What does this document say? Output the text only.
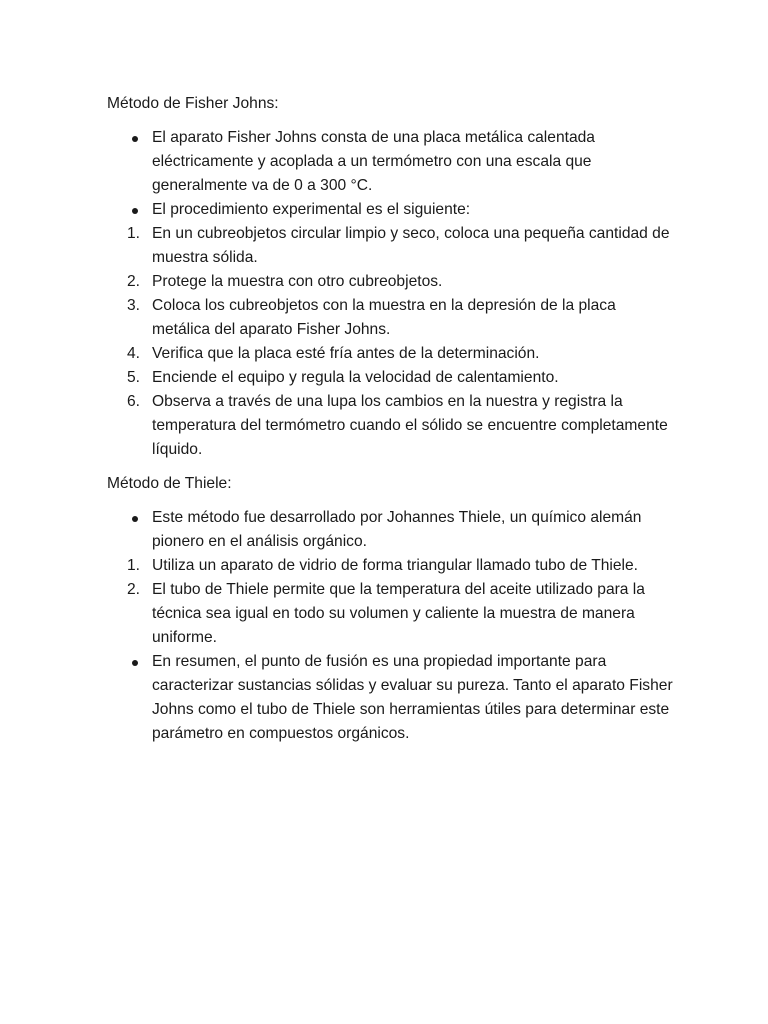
Método de Fisher Johns:

El aparato Fisher Johns consta de una placa metálica calentada eléctricamente y acoplada a un termómetro con una escala que generalmente va de 0 a 300 °C.
El procedimiento experimental es el siguiente:
1. En un cubreobjetos circular limpio y seco, coloca una pequeña cantidad de muestra sólida.
2. Protege la muestra con otro cubreobjetos.
3. Coloca los cubreobjetos con la muestra en la depresión de la placa metálica del aparato Fisher Johns.
4. Verifica que la placa esté fría antes de la determinación.
5. Enciende el equipo y regula la velocidad de calentamiento.
6. Observa a través de una lupa los cambios en la nuestra y registra la temperatura del termómetro cuando el sólido se encuentre completamente líquido.

Método de Thiele:

Este método fue desarrollado por Johannes Thiele, un químico alemán pionero en el análisis orgánico.
1. Utiliza un aparato de vidrio de forma triangular llamado tubo de Thiele.
2. El tubo de Thiele permite que la temperatura del aceite utilizado para la técnica sea igual en todo su volumen y caliente la muestra de manera uniforme.
En resumen, el punto de fusión es una propiedad importante para caracterizar sustancias sólidas y evaluar su pureza. Tanto el aparato Fisher Johns como el tubo de Thiele son herramientas útiles para determinar este parámetro en compuestos orgánicos.
